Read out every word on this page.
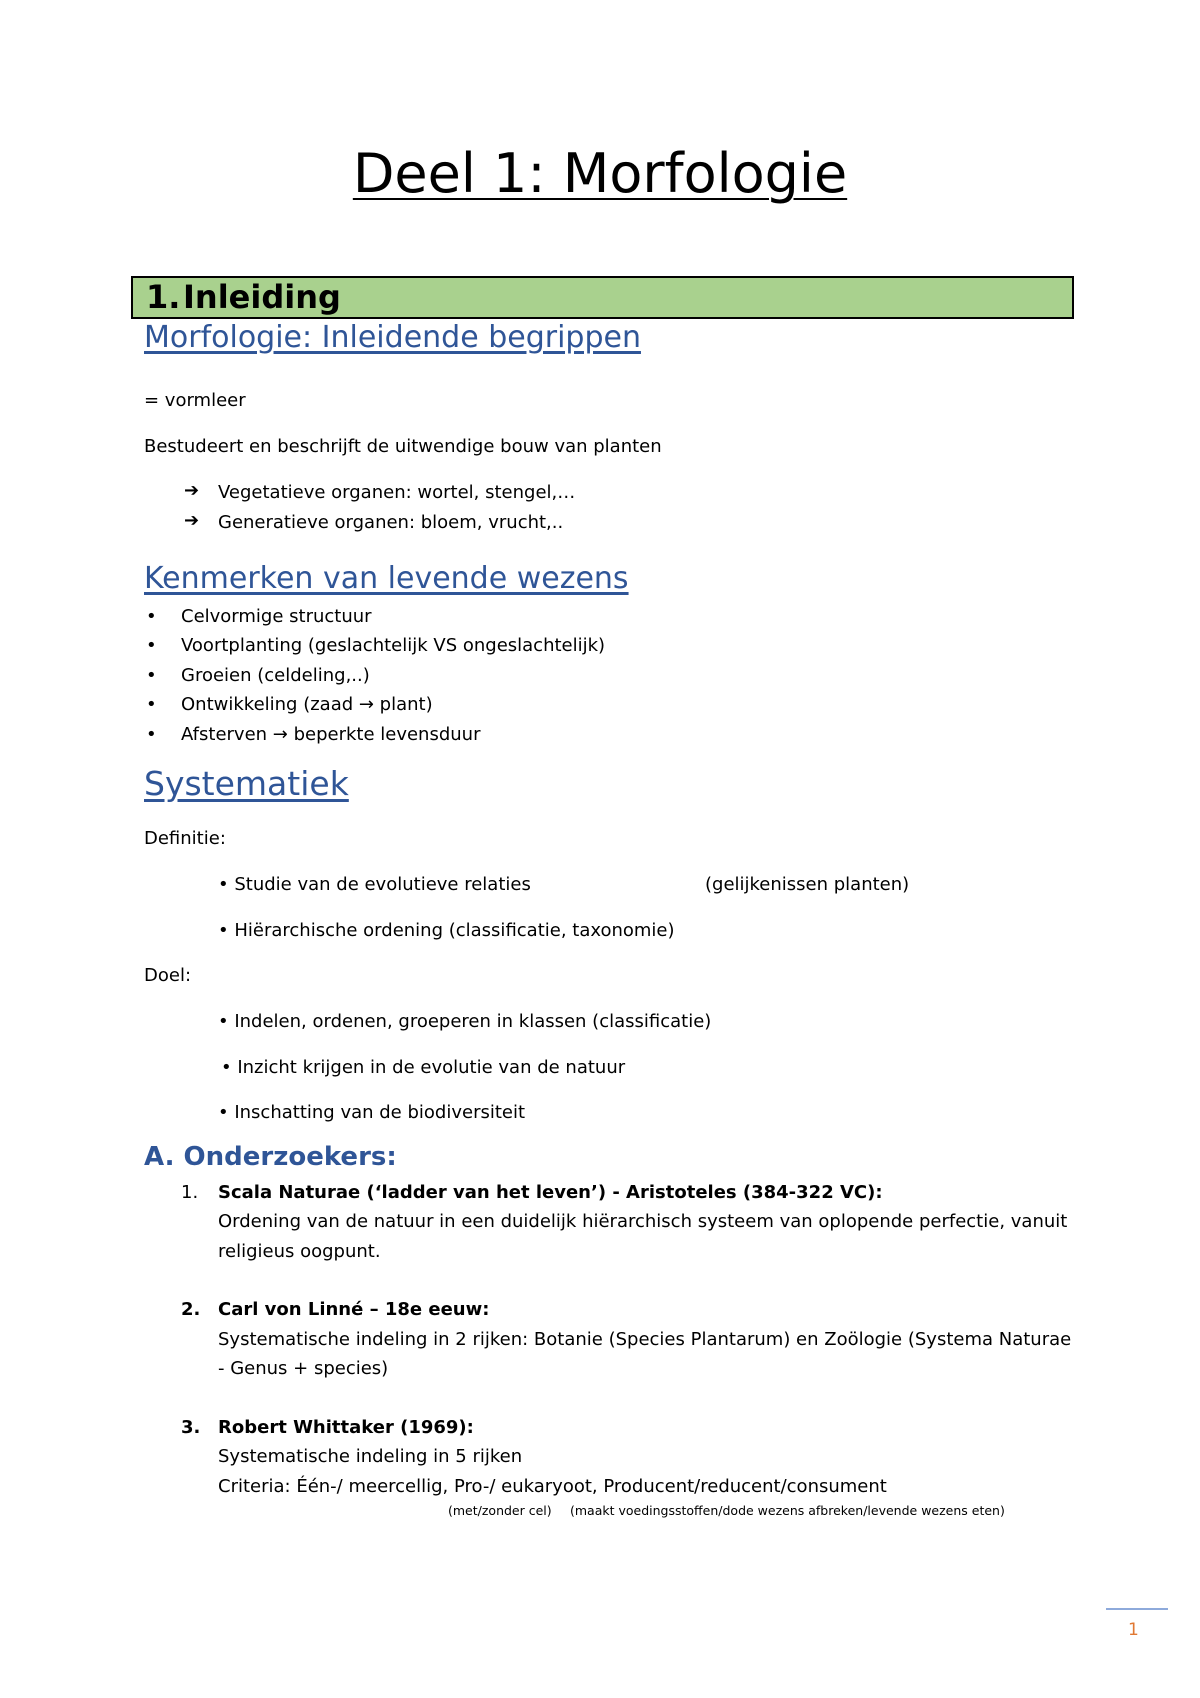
Deel 1: Morfologie
1. Inleiding
Morfologie: Inleidende begrippen
= vormleer
Bestudeert en beschrijft de uitwendige bouw van planten
➔ Vegetatieve organen: wortel, stengel,…
➔ Generatieve organen: bloem, vrucht,..
Kenmerken van levende wezens
• Celvormige structuur
• Voortplanting (geslachtelijk VS ongeslachtelijk)
• Groeien (celdeling,..)
• Ontwikkeling (zaad → plant)
• Afsterven → beperkte levensduur
Systematiek
Definitie:
• Studie van de evolutieve relaties	(gelijkenissen planten)
• Hiërarchische ordening (classificatie, taxonomie)
Doel:
• Indelen, ordenen, groeperen in klassen (classificatie)
• Inzicht krijgen in de evolutie van de natuur
• Inschatting van de biodiversiteit
A. Onderzoekers:
1. Scala Naturae (‘ladder van het leven’) - Aristoteles (384-322 VC):
Ordening van de natuur in een duidelijk hiërarchisch systeem van oplopende perfectie, vanuit
religieus oogpunt.
2. Carl von Linné – 18e eeuw:
Systematische indeling in 2 rijken: Botanie (Species Plantarum) en Zoölogie (Systema Naturae
- Genus + species)
3. Robert Whittaker (1969):
Systematische indeling in 5 rijken
Criteria: Één-/ meercellig, Pro-/ eukaryoot, Producent/reducent/consument
(met/zonder cel) (maakt voedingsstoffen/dode wezens afbreken/levende wezens eten)
1
